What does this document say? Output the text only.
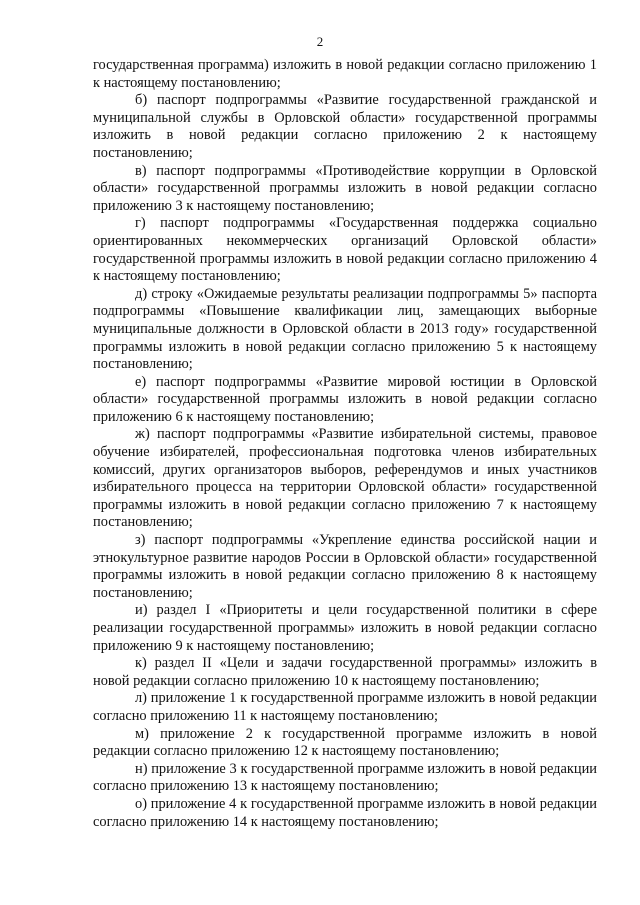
2

государственная программа) изложить в новой редакции согласно приложению 1 к настоящему постановлению;

б) паспорт подпрограммы «Развитие государственной гражданской и муниципальной службы в Орловской области» государственной программы изложить в новой редакции согласно приложению 2 к настоящему постановлению;

в) паспорт подпрограммы «Противодействие коррупции в Орловской области» государственной программы изложить в новой редакции согласно приложению 3 к настоящему постановлению;

г) паспорт подпрограммы «Государственная поддержка социально ориентированных некоммерческих организаций Орловской области» государственной программы изложить в новой редакции согласно приложению 4 к настоящему постановлению;

д) строку «Ожидаемые результаты реализации подпрограммы 5» паспорта подпрограммы «Повышение квалификации лиц, замещающих выборные муниципальные должности в Орловской области в 2013 году» государственной программы изложить в новой редакции согласно приложению 5 к настоящему постановлению;

е) паспорт подпрограммы «Развитие мировой юстиции в Орловской области» государственной программы изложить в новой редакции согласно приложению 6 к настоящему постановлению;

ж) паспорт подпрограммы «Развитие избирательной системы, правовое обучение избирателей, профессиональная подготовка членов избирательных комиссий, других организаторов выборов, референдумов и иных участников избирательного процесса на территории Орловской области» государственной программы изложить в новой редакции согласно приложению 7 к настоящему постановлению;

з) паспорт подпрограммы «Укрепление единства российской нации и этнокультурное развитие народов России в Орловской области» государственной программы изложить в новой редакции согласно приложению 8 к настоящему постановлению;

и) раздел I «Приоритеты и цели государственной политики в сфере реализации государственной программы» изложить в новой редакции согласно приложению 9 к настоящему постановлению;

к) раздел II «Цели и задачи государственной программы» изложить в новой редакции согласно приложению 10 к настоящему постановлению;

л) приложение 1 к государственной программе изложить в новой редакции согласно приложению 11 к настоящему постановлению;

м) приложение 2 к государственной программе изложить в новой редакции согласно приложению 12 к настоящему постановлению;

н) приложение 3 к государственной программе изложить в новой редакции согласно приложению 13 к настоящему постановлению;

о) приложение 4 к государственной программе изложить в новой редакции согласно приложению 14 к настоящему постановлению;
